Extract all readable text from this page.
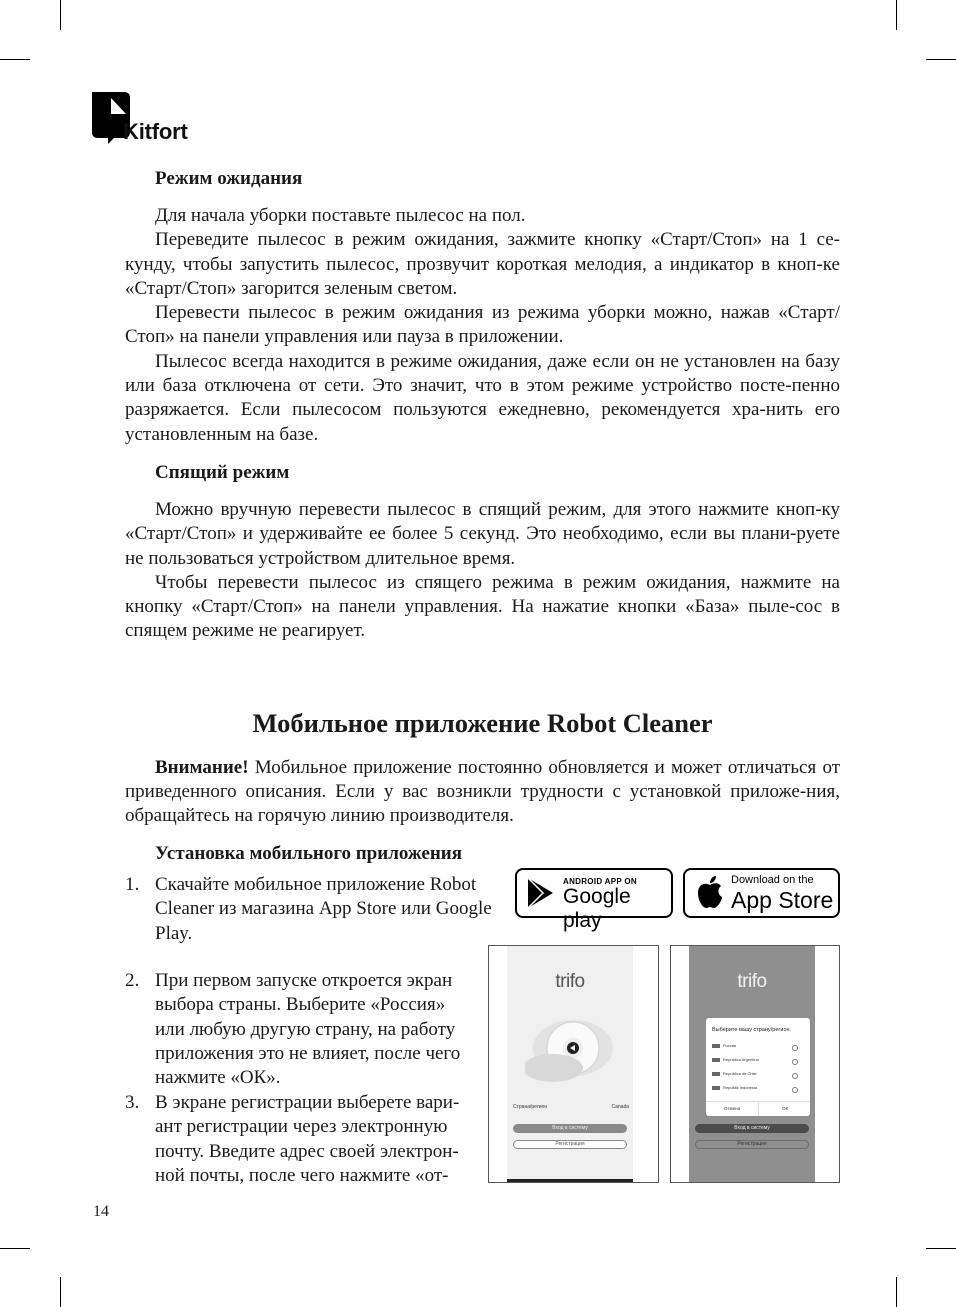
Kitfort

Режим ожидания

Для начала уборки поставьте пылесос на пол.

Переведите пылесос в режим ожидания, зажмите кнопку «Старт/Стоп» на 1 се-кунду, чтобы запустить пылесос, прозвучит короткая мелодия, а индикатор в кноп-ке «Старт/Стоп» загорится зеленым светом.

Перевести пылесос в режим ожидания из режима уборки можно, нажав «Старт/ Стоп» на панели управления или пауза в приложении.

Пылесос всегда находится в режиме ожидания, даже если он не установлен на базу или база отключена от сети. Это значит, что в этом режиме устройство посте-пенно разряжается. Если пылесосом пользуются ежедневно, рекомендуется хра-нить его установленным на базе.

Спящий режим

Можно вручную перевести пылесос в спящий режим, для этого нажмите кноп-ку «Старт/Стоп» и удерживайте ее более 5 секунд. Это необходимо, если вы плани-руете не пользоваться устройством длительное время.

Чтобы перевести пылесос из спящего режима в режим ожидания, нажмите на кнопку «Старт/Стоп» на панели управления. На нажатие кнопки «База» пыле-сос в спящем режиме не реагирует.

Мобильное приложение Robot Cleaner

Внимание! Мобильное приложение постоянно обновляется и может отличаться от приведенного описания. Если у вас возникли трудности с установкой приложе-ния, обращайтесь на горячую линию производителя.

Установка мобильного приложения

1. Скачайте мобильное приложение Robot Cleaner из магазина App Store или Google Play.
2. При первом запуске откроется экран выбора страны. Выберите «Россия» или любую другую страну, на работу приложения это не влияет, после чего нажмите «ОК».
3. В экране регистрации выберете вари-ант регистрации через электронную почту. Введите адрес своей электрон-ной почты, после чего нажмите «от-
ANDROID APP ON
Google play
Download on the
App Store
trifo
Страна/регион	Canada
Вход в систему
Регистрация
trifo
Вход в систему
Регистрация
Выберите вашу страну/регион.
Россия
República Argentina
República de Chile
Republik Indonesia
Отмена	ОК
14
